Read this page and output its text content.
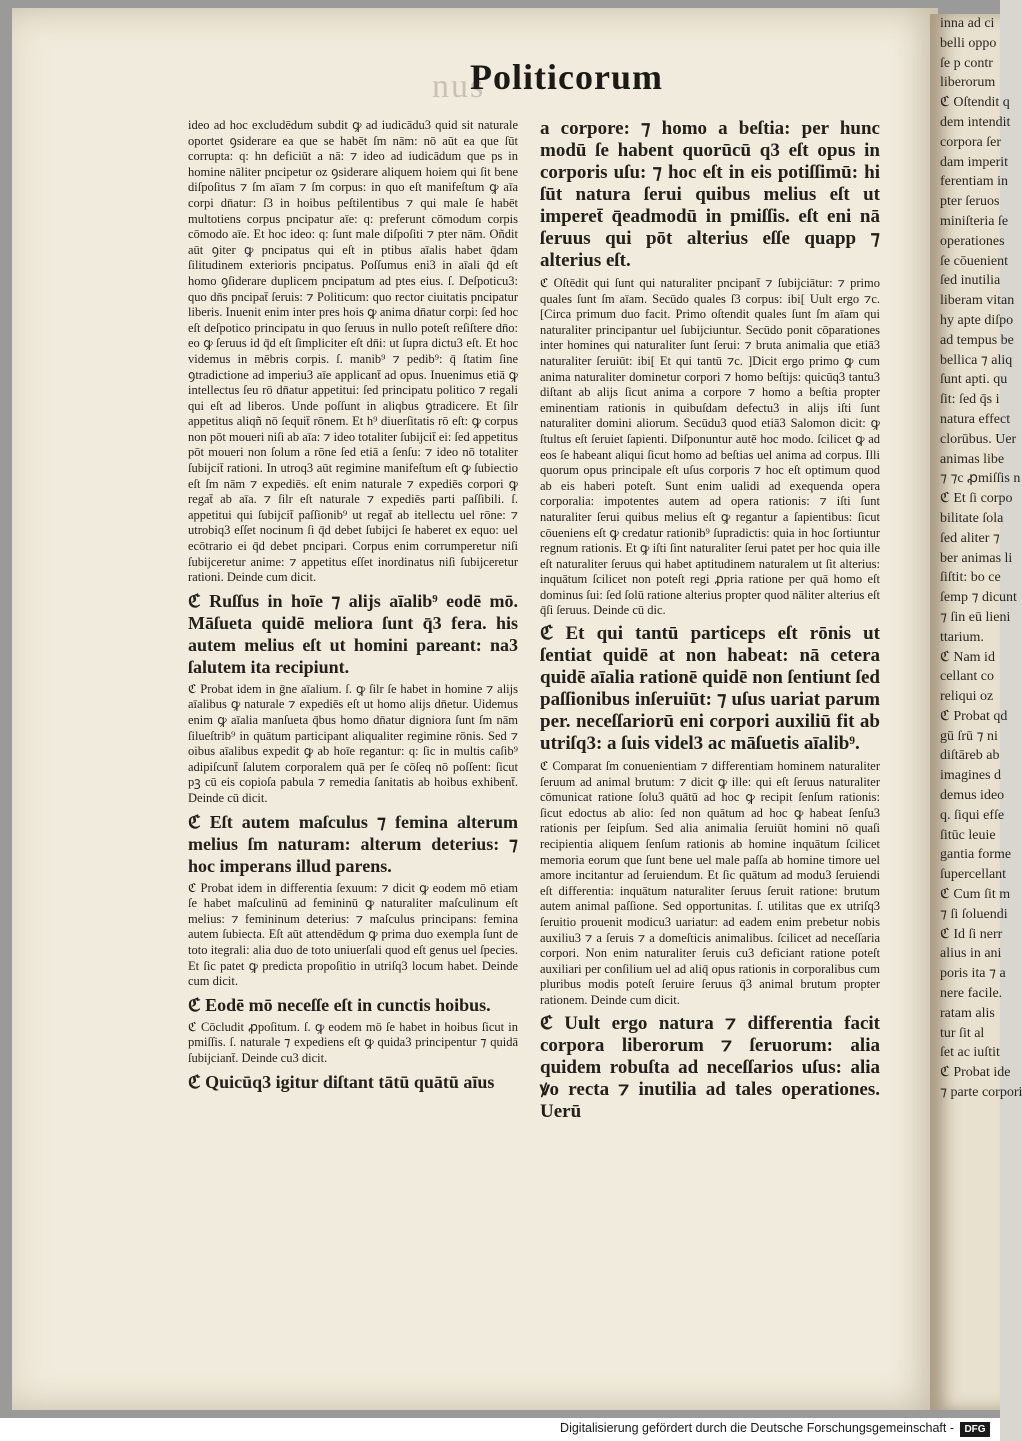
nus
Politicorum

ideo ad hoc excludēdum subdit ꝙ ad iudicādu3 quid sit naturale oportet ꝯsiderare ea que se habēt ſm nām: nō aūt ea que ſūt corrupta: q: hn deficiūt a nā: ⁊ ideo ad iudicādum que ps in homine nāliter pncipetur oz ꝯsiderare aliquem hoiem qui ſit bene diſpoſitus ⁊ ſm aīam ⁊ ſm corpus: in quo eſt manifeſtum ꝙ aīa corpi dn̄atur: ſ3 in hoibus peſtilentibus ⁊ qui male ſe habēt multotiens corpus pncipatur aīe: q: preferunt cōmodum corpis cōmodo aīe. Et hoc ideo: q: ſunt male diſpoſiti ⁊ pter nām. Oñdit aūt ꝯiter ꝙ pncipatus qui eſt in ptibus aīalis habet q̄dam ſilitudinem exterioris pncipatus. Poſſumus eni3 in aīali q̄d eſt homo ꝯſiderare duplicem pncipatum ad ptes eius. ſ. Deſpoticu3: quo dn̄s pncipat̄ ſeruis: ⁊ Politicum: quo rector ciuitatis pncipatur liberis. Inuenit enim inter pres hois ꝙ anima dn̄atur corpi: ſed hoc eſt deſpotico principatu in quo ſeruus in nullo poteſt reſiſtere dn̄o: eo ꝙ ſeruus id q̄d eſt ſimpliciter eſt dn̄i: ut ſupra dictu3 eſt. Et hoc videmus in mēbris corpis. ſ. manib⁹ ⁊ pedib⁹: q̄ ſtatim ſine ꝯtradictione ad imperiu3 aīe applicant̄ ad opus. Inuenimus etiā ꝙ intellectus ſeu rō dn̄atur appetitui: ſed principatu politico ⁊ regali qui eſt ad liberos. Unde poſſunt in aliqbus ꝯtradicere. Et ſilr appetitus aliqñ nō ſequit̄ rōnem. Et h⁹ diuerſitatis rō eſt: ꝙ corpus non pōt moueri niſi ab aīa: ⁊ ideo totaliter ſubijcit̄ ei: ſed appetitus pōt moueri non ſolum a rōne ſed etiā a ſenſu: ⁊ ideo nō totaliter ſubijcit̄ rationi. In utroq3 aūt regimine manifeſtum eſt ꝙ ſubiectio eſt ſm nām ⁊ expediēs. eſt enim naturale ⁊ expediēs corpori ꝙ regat̄ ab aīa. ⁊ ſilr eſt naturale ⁊ expediēs parti paſſibili. ſ. appetitui qui ſubijcit̄ paſſionib⁹ ut regat̄ ab itellectu uel rōne: ⁊ utrobiq3 eſſet nocinum ſi q̄d debet ſubijci ſe haberet ex equo: uel ecōtrario ei q̄d debet pncipari. Corpus enim corrumperetur niſi ſubijceretur anime: ⁊ appetitus eſſet inordinatus niſi ſubijceretur rationi. Deinde cum dicit.

ℭ Ruſſus in hoīe ⁊ alijs aīalib⁹ eodē mō. Māſueta quidē meliora ſunt q̄3 fera. his autem melius eſt ut homini pareant: na3 ſalutem ita recipiunt.

ℭ Probat idem in ḡne aīalium. ſ. ꝙ ſilr ſe habet in homine ⁊ alijs aīalibus ꝙ naturale ⁊ expediēs eſt ut homo alijs dn̄etur. Uidemus enim ꝙ aīalia manſueta q̄bus homo dn̄atur digniora ſunt ſm nām ſilueſtrib⁹ in quātum participant aliqualiter regimine rōnis. Sed ⁊ oibus aīalibus expedit ꝙ ab hoīe regantur: q: ſic in multis caſib⁹ adipiſcunt̄ ſalutem corporalem quā per ſe cōſeq nō poſſent: ſicut pꝫ cū eis copioſa pabula ⁊ remedia ſanitatis ab hoibus exhibent̄. Deinde cū dicit.

ℭ Eſt autem maſculus ⁊ femina alterum melius ſm naturam: alterum deterius: ⁊ hoc imperans illud parens.

ℭ Probat idem in differentia ſexuum: ⁊ dicit ꝙ eodem mō etiam ſe habet maſculinū ad femininū ꝙ naturaliter maſculinum eſt melius: ⁊ femininum deterius: ⁊ maſculus principans: femina autem ſubiecta. Eſt aūt attendēdum ꝙ prima duo exempla ſunt de toto itegrali: alia duo de toto uniuerſali quod eſt genus uel ſpecies. Et ſic patet ꝙ predicta propoſitio in utriſq3 locum habet. Deinde cum dicit.

ℭ Eodē mō neceſſe eſt in cunctis hoibus.

ℭ Cōcludit ꝓpoſitum. ſ. ꝙ eodem mō ſe habet in hoibus ſicut in pmiſſis. ſ. naturale ⁊ expediens eſt ꝙ quida3 principentur ⁊ quidā ſubijciant̄. Deinde cu3 dicit.

ℭ Quicūq3 igitur diſtant tātū quātū aīus

a corpore: ⁊ homo a beſtia: per hunc modū ſe habent quorūcū q3 eſt opus in corporis uſu: ⁊ hoc eſt in eis potiſſimū: hi ſūt natura ſerui quibus melius eſt ut imperet̄ q̄eadmodū in pmiſſis. eſt eni nā ſeruus qui pōt alterius eſſe quapp ⁊ alterius eſt.

ℭ Oſtēdit qui ſunt qui naturaliter pncipant̄ ⁊ ſubijciātur: ⁊ primo quales ſunt ſm aīam. Secūdo quales ſ3 corpus: ibi[ Uult ergo ⁊c. [Circa primum duo facit. Primo oſtendit quales ſunt ſm aīam qui naturaliter principantur uel ſubijciuntur. Secūdo ponit cōparationes inter homines qui naturaliter ſunt ſerui: ⁊ bruta animalia que etiā3 naturaliter ſeruiūt: ibi[ Et qui tantū ⁊c. ]Dicit ergo primo ꝙ cum anima naturaliter dominetur corpori ⁊ homo beſtijs: quicūq3 tantu3 diſtant ab alijs ſicut anima a corpore ⁊ homo a beſtia propter eminentiam rationis in quibuſdam defectu3 in alijs iſti ſunt naturaliter domini aliorum. Secūdu3 quod etiā3 Salomon dicit: ꝙ ſtultus eſt ſeruiet ſapienti. Diſponuntur autē hoc modo. ſcilicet ꝙ ad eos ſe habeant aliqui ſicut homo ad beſtias uel anima ad corpus. Illi quorum opus principale eſt uſus corporis ⁊ hoc eſt optimum quod ab eis haberi poteſt. Sunt enim ualidi ad exequenda opera corporalia: impotentes autem ad opera rationis: ⁊ iſti ſunt naturaliter ſerui quibus melius eſt ꝙ regantur a ſapientibus: ſicut cōueniens eſt ꝙ credatur rationib⁹ ſupradictis: quia in hoc ſortiuntur regnum rationis. Et ꝙ iſti ſint naturaliter ſerui patet per hoc quia ille eſt naturaliter ſeruus qui habet aptitudinem naturalem ut ſit alterius: inquātum ſcilicet non poteſt regi ꝓpria ratione per quā homo eſt dominus ſui: ſed ſolū ratione alterius propter quod nāliter alterius eſt q̄ſi ſeruus. Deinde cū dic.

ℭ Et qui tantū particeps eſt rōnis ut ſentiat quidē at non habeat: nā cetera quidē aīalia rationē quidē non ſentiunt ſed paſſionibus inſeruiūt: ⁊ uſus uariat parum per. neceſſariorū eni corpori auxiliū fit ab utriſq3: a ſuis videl3 ac māſuetis aīalib⁹.

ℭ Comparat ſm conuenientiam ⁊ differentiam hominem naturaliter ſeruum ad animal brutum: ⁊ dicit ꝙ ille: qui eſt ſeruus naturaliter cōmunicat ratione ſolu3 quātū ad hoc ꝙ recipit ſenſum rationis: ſicut edoctus ab alio: ſed non quātum ad hoc ꝙ habeat ſenſu3 rationis per ſeipſum. Sed alia animalia ſeruiūt homini nō quaſi recipientia aliquem ſenſum rationis ab homine inquātum ſcilicet memoria eorum que ſunt bene uel male paſſa ab homine timore uel amore incitantur ad ſeruiendum. Et ſic quātum ad modu3 ſeruiendi eſt differentia: inquātum naturaliter ſeruus ſeruit ratione: brutum autem animal paſſione. Sed opportunitas. ſ. utilitas que ex utriſq3 ſeruitio prouenit modicu3 uariatur: ad eadem enim prebetur nobis auxiliu3 ⁊ a ſeruis ⁊ a domeſticis animalibus. ſcilicet ad neceſſaria corpori. Non enim naturaliter ſeruis cu3 deficiant ratione poteſt auxiliari per conſilium uel ad aliq̄ opus rationis in corporalibus cum pluribus modis poteſt ſeruire ſeruus q̄3 animal brutum propter rationem. Deinde cum dicit.

ℭ Uult ergo natura ⁊ differentia facit corpora liberorum ⁊ ſeruorum: alia quidem robuſta ad neceſſarios uſus: alia ꝟo recta ⁊ inutilia ad tales operationes. Uerū

inna ad ci
belli oppo
ſe p contr
liberorum
ℭ Oſtendit q
dem intendit
corpora ſer
dam imperit
ferentiam in
pter ſeruos
miniſteria ſe
operationes
ſe cōuenient
ſed inutilia
liberam vitan
hy apte diſpo
ad tempus be
bellica ⁊ aliq
ſunt apti. qu
ſit: ſed q̄s i
natura effect
clorūbus. Uer
animas libe
⁊ ⁊c ꝓmiſſis n
ℭ Et ſi corpo
bilitate ſola
ſed aliter ⁊
ber animas li
ſiſtit: bo ce
ſemp ⁊ dicunt
⁊ ſin eū lieni
ttarium.
ℭ Nam id
cellant co
reliqui oz
ℭ Probat qd
gū ſrū ⁊ ni
diſtāreb ab
imagines d
demus ideo
q. ſiqui efſe
ſitūc leuie
gantia forme
ſupercellant
ℭ Cum ſit m
⁊ ſi ſoluendi
ℭ Id ſi nerr
alius in ani
poris ita ⁊ a
nere facile.
ratam alis
tur ſit al
ſet ac iuſtit
ℭ Probat ide
⁊ parte corpori
Digitalisierung gefördert durch die Deutsche Forschungsgemeinschaft -	DFG
